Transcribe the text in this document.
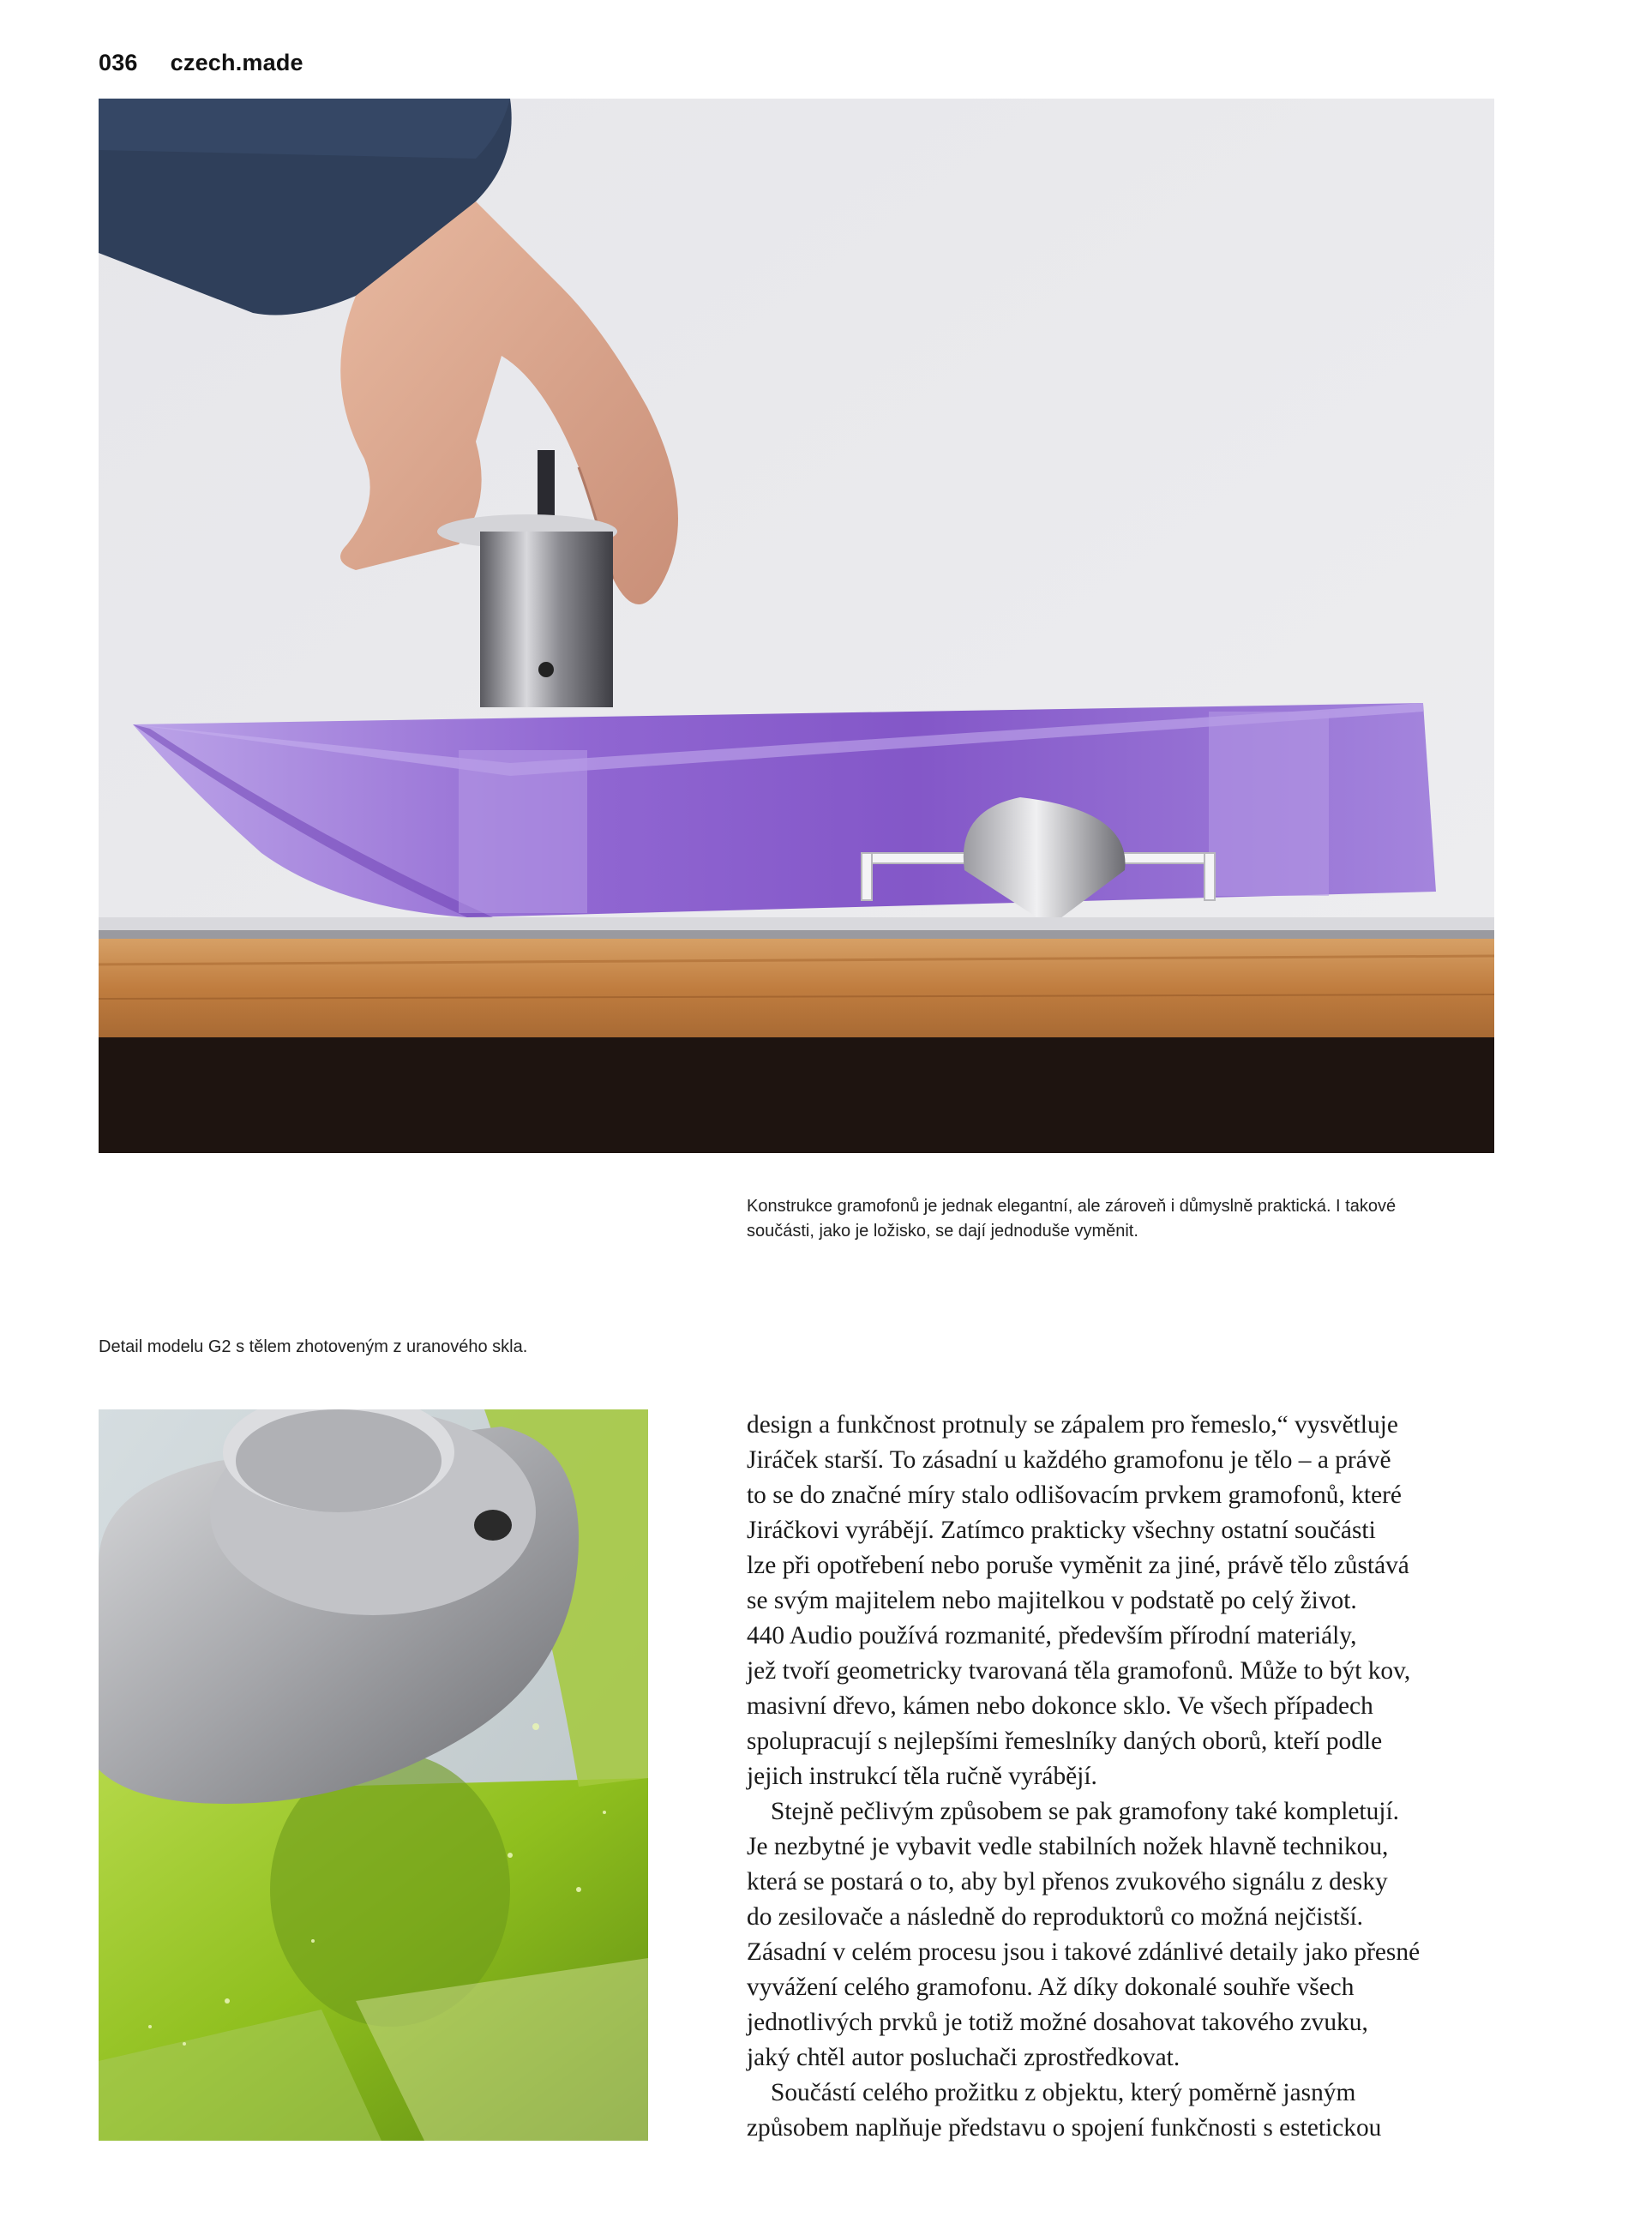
036 czech.made
Konstrukce gramofonů je jednak elegantní, ale zároveň i důmyslně praktická. I takové
součásti, jako je ložisko, se dají jednoduše vyměnit.
Detail modelu G2 s tělem zhotoveným z uranového skla.
design a funkčnost protnuly se zápalem pro řemeslo,“ vysvětluje
Jiráček starší. To zásadní u každého gramofonu je tělo – a právě
to se do značné míry stalo odlišovacím prvkem gramofonů, které
Jiráčkovi vyrábějí. Zatímco prakticky všechny ostatní součásti
lze při opotřebení nebo poruše vyměnit za jiné, právě tělo zůstává
se svým majitelem nebo majitelkou v podstatě po celý život.
440 Audio používá rozmanité, především přírodní materiály,
jež tvoří geometricky tvarovaná těla gramofonů. Může to být kov,
masivní dřevo, kámen nebo dokonce sklo. Ve všech případech
spolupracují s nejlepšími řemeslníky daných oborů, kteří podle
jejich instrukcí těla ručně vyrábějí.
Stejně pečlivým způsobem se pak gramofony také kompletují.
Je nezbytné je vybavit vedle stabilních nožek hlavně technikou,
která se postará o to, aby byl přenos zvukového signálu z desky
do zesilovače a následně do reproduktorů co možná nejčistší.
Zásadní v celém procesu jsou i takové zdánlivé detaily jako přesné
vyvážení celého gramofonu. Až díky dokonalé souhře všech
jednotlivých prvků je totiž možné dosahovat takového zvuku,
jaký chtěl autor posluchači zprostředkovat.
Součástí celého prožitku z objektu, který poměrně jasným
způsobem naplňuje představu o spojení funkčnosti s estetickou
